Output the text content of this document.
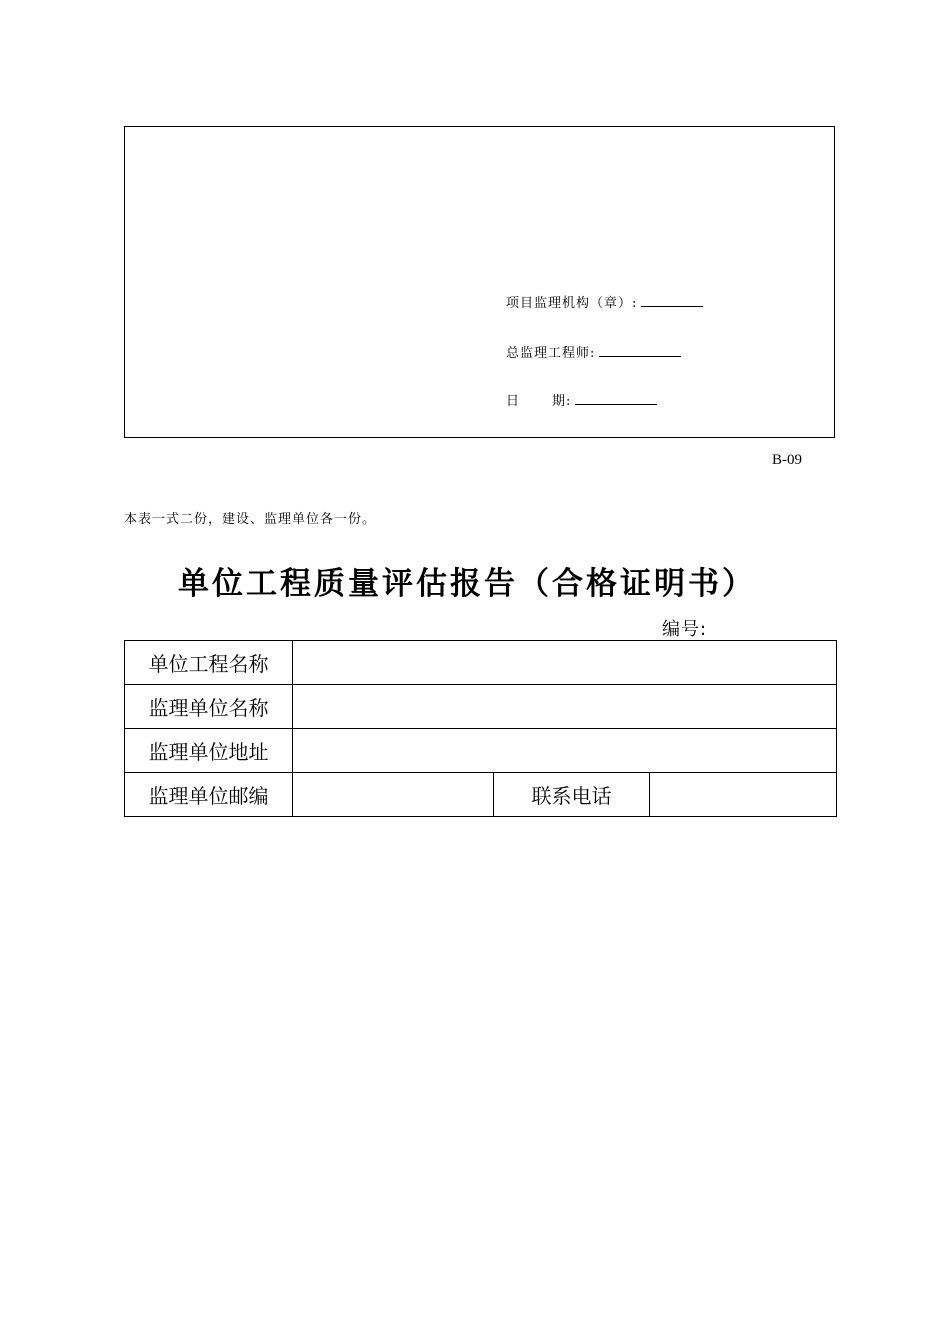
项目监理机构（章）:
总监理工程师:
日 期:
B-09
本表一式二份，建设、监理单位各一份。
单位工程质量评估报告（合格证明书）
编号:
单位工程名称			
监理单位名称			
监理单位地址			
监理单位邮编		联系电话	
